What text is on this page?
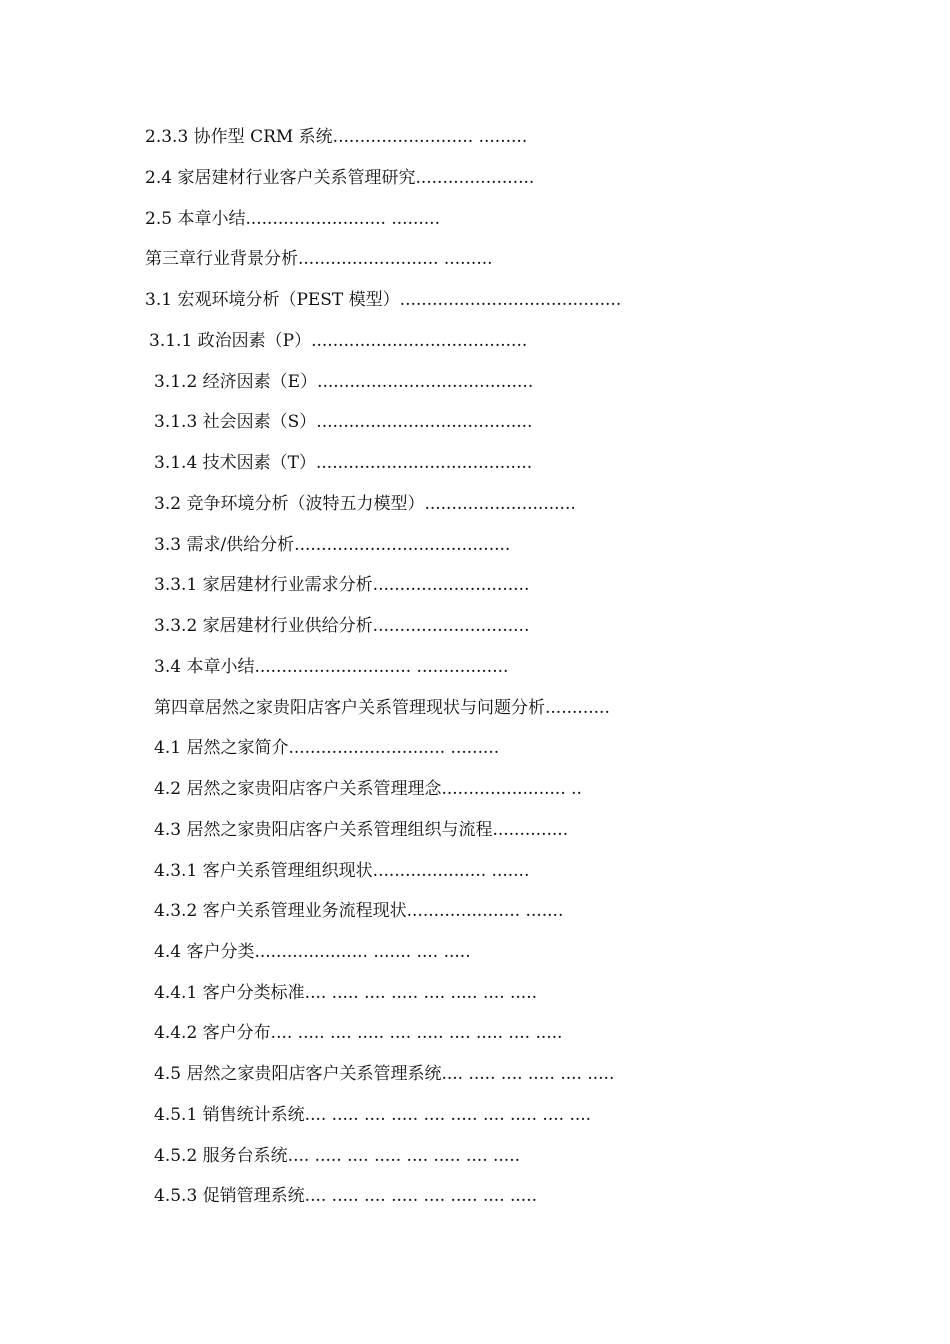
2.3.3 协作型 CRM 系统.......................... .........
2.4 家居建材行业客户关系管理研究......................
2.5 本章小结.......................... .........
第三章行业背景分析.......................... .........
3.1 宏观环境分析（PEST 模型）.........................................
3.1.1 政治因素（P）........................................
3.1.2 经济因素（E）........................................
3.1.3 社会因素（S）........................................
3.1.4 技术因素（T）........................................
3.2 竞争环境分析（波特五力模型）............................
3.3 需求/供给分析........................................
3.3.1 家居建材行业需求分析.............................
3.3.2 家居建材行业供给分析.............................
3.4 本章小结............................. .................
第四章居然之家贵阳店客户关系管理现状与问题分析............
4.1 居然之家简介............................. .........
4.2 居然之家贵阳店客户关系管理理念....................... ..
4.3 居然之家贵阳店客户关系管理组织与流程..............
4.3.1 客户关系管理组织现状..................... .......
4.3.2 客户关系管理业务流程现状..................... .......
4.4 客户分类..................... ....... .... .....
4.4.1 客户分类标准.... ..... .... ..... .... ..... .... .....
4.4.2 客户分布.... ..... .... ..... .... ..... .... ..... .... .....
4.5 居然之家贵阳店客户关系管理系统.... ..... .... ..... .... .....
4.5.1 销售统计系统.... ..... .... ..... .... ..... .... ..... .... ....
4.5.2 服务台系统.... ..... .... ..... .... ..... .... .....
4.5.3 促销管理系统.... ..... .... ..... .... ..... .... .....
